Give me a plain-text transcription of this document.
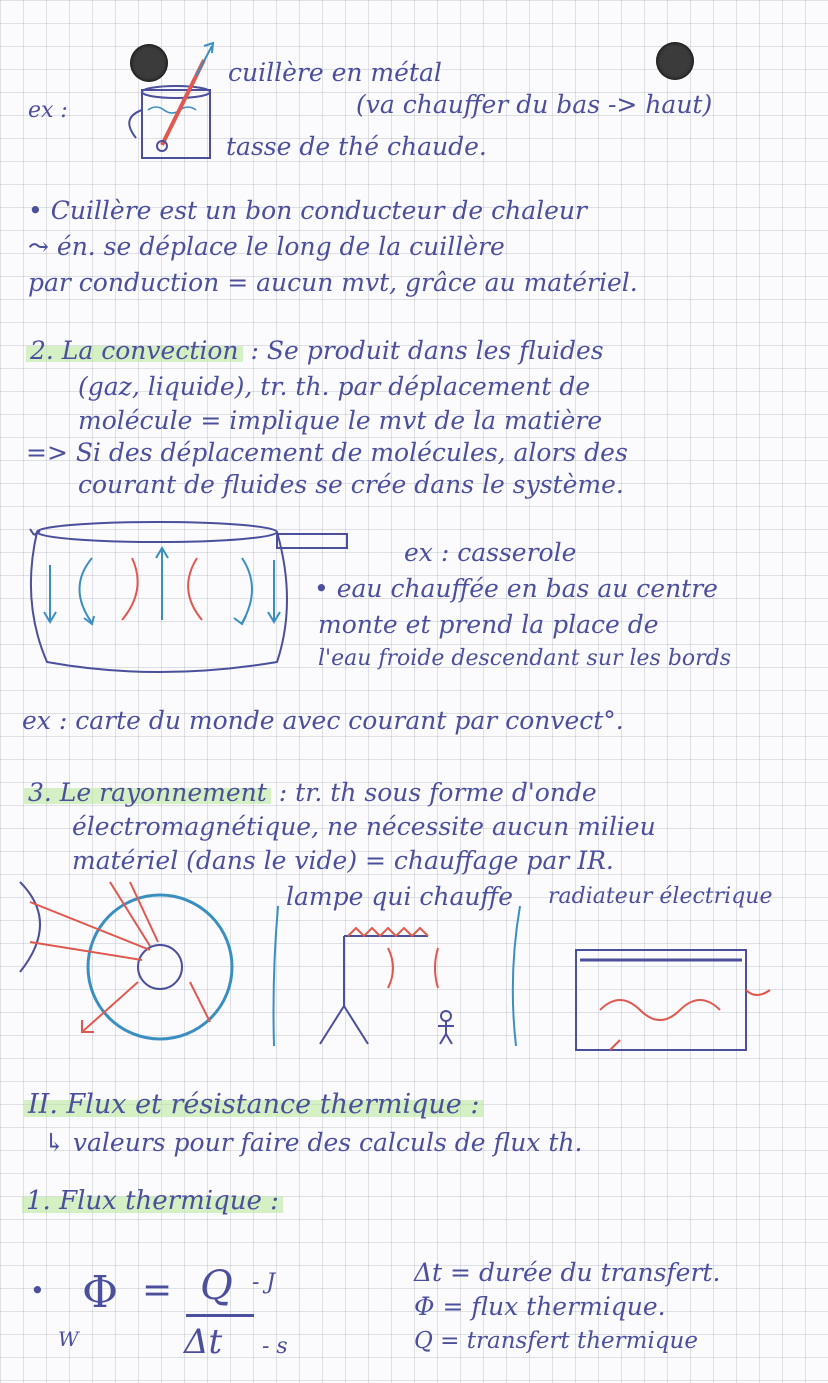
ex :
cuillère en métal
(va chauffer du bas -> haut)
tasse de thé chaude.
• Cuillère est un bon conducteur de chaleur
⤳ én. se déplace le long de la cuillère
par conduction = aucun mvt, grâce au matériel.
2. La convection : Se produit dans les fluides
(gaz, liquide), tr. th. par déplacement de
molécule = implique le mvt de la matière
=> Si des déplacement de molécules, alors des
courant de fluides se crée dans le système.
ex : casserole
• eau chauffée en bas au centre
monte et prend la place de
l'eau froide descendant sur les bords
ex : carte du monde avec courant par convect°.
3. Le rayonnement : tr. th sous forme d'onde
électromagnétique, ne nécessite aucun milieu
matériel (dans le vide) = chauffage par IR.
lampe qui chauffe radiateur électrique
II. Flux et résistance thermique :
↳ valeurs pour faire des calculs de flux th.
1. Flux thermique :
• Φ
W
= Q - J
Δt - s
Δt = durée du transfert.
Φ = flux thermique.
Q = transfert thermique
